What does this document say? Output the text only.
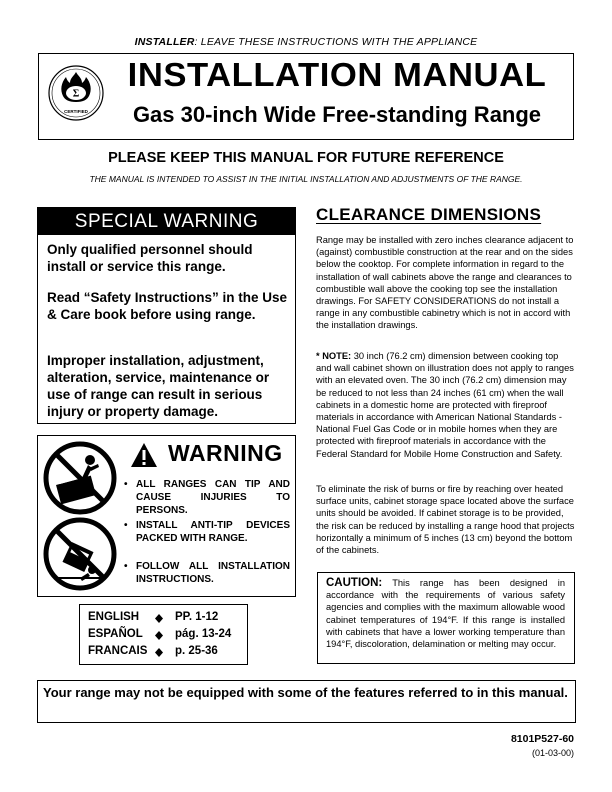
INSTALLER: LEAVE THESE INSTRUCTIONS WITH THE APPLIANCE
Σ
CERTIFIED
INSTALLATION MANUAL
Gas 30-inch Wide Free-standing Range
PLEASE KEEP THIS MANUAL FOR FUTURE REFERENCE
THE MANUAL IS INTENDED TO ASSIST IN THE INITIAL INSTALLATION AND ADJUSTMENTS OF THE RANGE.
SPECIAL WARNING
Only qualified personnel should install or service this range.
Read “Safety Instructions” in the Use & Care book before using range.
Improper installation, adjustment, alteration, service, maintenance or use of range can result in serious injury or property damage.
WARNING
• ALL RANGES CAN TIP AND CAUSE INJURIES TO PERSONS.
• INSTALL ANTI-TIP DEVICES PACKED WITH RANGE.
• FOLLOW ALL INSTALLATION INSTRUCTIONS.
ENGLISH	PP. 1-12
ESPAÑOL	pág. 13-24
FRANCAIS p. 25-36
CLEARANCE DIMENSIONS
Range may be installed with zero inches clearance adjacent to (against) combustible construction at the rear and on the sides below the cooktop. For complete information in regard to the installation of wall cabinets above the range and clearances to combustible wall above the cooking top see the installation drawings. For SAFETY CONSIDERATIONS do not install a range in any combustible cabinetry which is not in accord with the installation drawings.
* NOTE: 30 inch (76.2 cm) dimension between cooking top and wall cabinet shown on illustration does not apply to ranges with an elevated oven. The 30 inch (76.2 cm) dimension may be reduced to not less than 24 inches (61 cm) when the wall cabinets in a domestic home are protected with fireproof materials in accordance with American National Standards - National Fuel Gas Code or in mobile homes when they are protected with fireproof materials in accordance with the Federal Standard for Mobile Home Construction and Safety.
To eliminate the risk of burns or fire by reaching over heated surface units, cabinet storage space located above the surface units should be avoided. If cabinet storage is to be provided, the risk can be reduced by installing a range hood that projects horizontally a minimum of 5 inches (13 cm) beyond the bottom of the cabinets.
CAUTION: This range has been designed in accordance with the requirements of various safety agencies and complies with the maximum allowable wood cabinet temperatures of 194°F. If this range is installed with cabinets that have a lower working temperature than 194°F, discoloration, delamination or melting may occur.
Your range may not be equipped with some of the features referred to in this manual.
8101P527-60
(01-03-00)
